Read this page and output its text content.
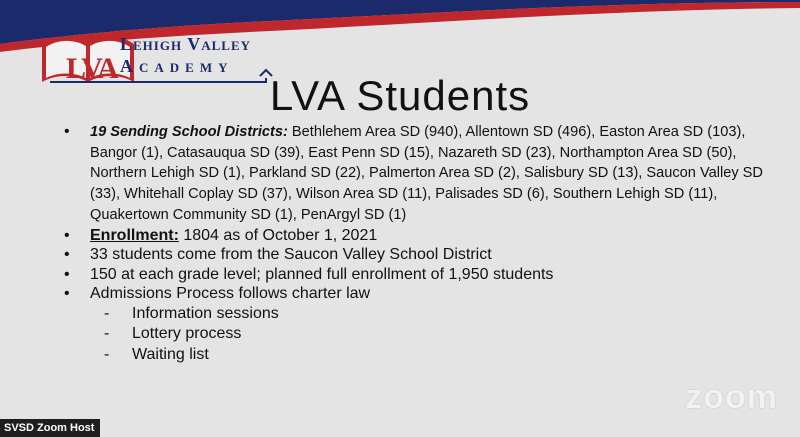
LVA
Lehigh Valley
Academy
LVA Students
• 19 Sending School Districts: Bethlehem Area SD (940), Allentown SD (496), Easton Area SD (103), Bangor (1), Catasauqua SD (39), East Penn SD (15), Nazareth SD (23), Northampton Area SD (50), Northern Lehigh SD (1), Parkland SD (22), Palmerton Area SD (2), Salisbury SD (13), Saucon Valley SD (33), Whitehall Coplay SD (37), Wilson Area SD (11), Palisades SD (6), Southern Lehigh SD (11), Quakertown Community SD (1), PenArgyl SD (1)
• Enrollment: 1804 as of October 1, 2021
• 33 students come from the Saucon Valley School District
• 150 at each grade level; planned full enrollment of 1,950 students
• Admissions Process follows charter law
- Information sessions
- Lottery process
- Waiting list
zoom
SVSD Zoom Host
